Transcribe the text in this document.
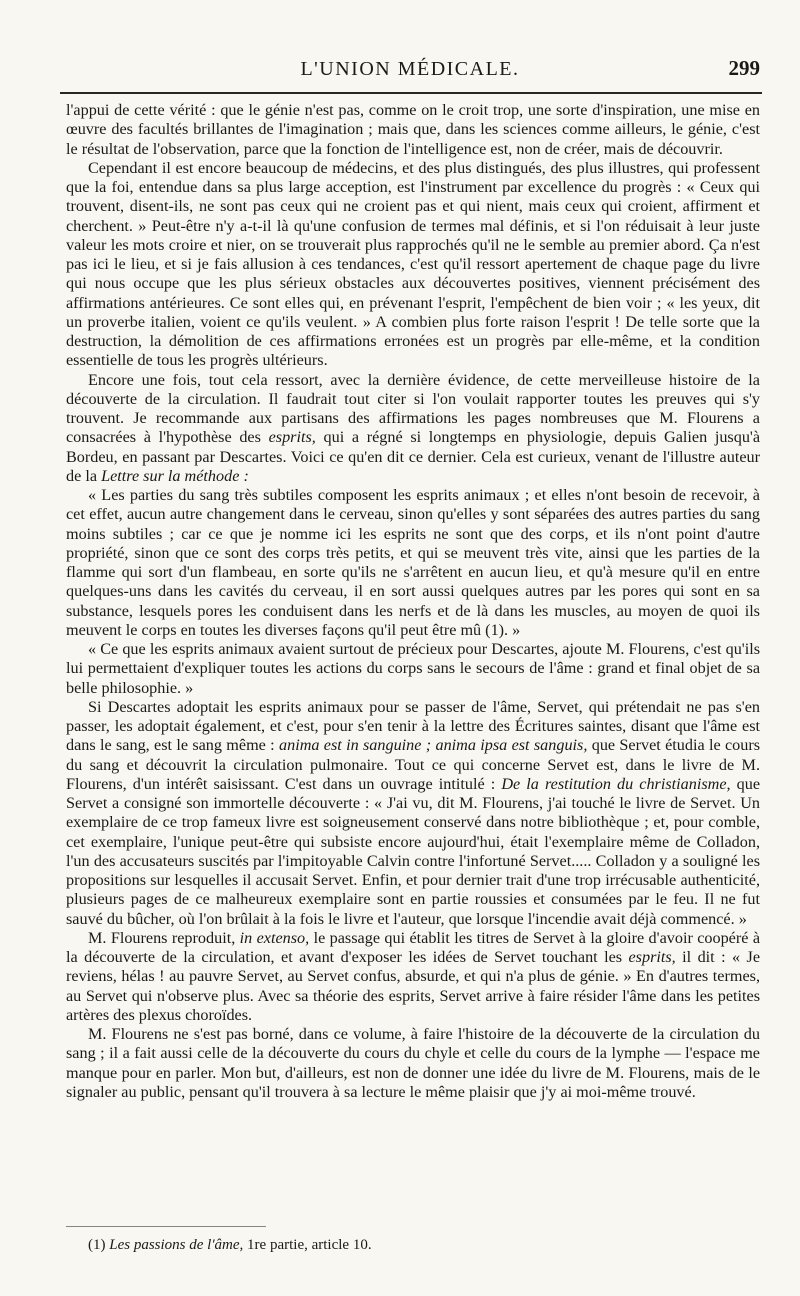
L'UNION MÉDICALE.	299

l'appui de cette vérité : que le génie n'est pas, comme on le croit trop, une sorte d'inspiration, une mise en œuvre des facultés brillantes de l'imagination ; mais que, dans les sciences comme ailleurs, le génie, c'est le résultat de l'observation, parce que la fonction de l'intelligence est, non de créer, mais de découvrir.

Cependant il est encore beaucoup de médecins, et des plus distingués, des plus illustres, qui professent que la foi, entendue dans sa plus large acception, est l'instrument par excellence du progrès : « Ceux qui trouvent, disent-ils, ne sont pas ceux qui ne croient pas et qui nient, mais ceux qui croient, affirment et cherchent. » Peut-être n'y a-t-il là qu'une confusion de termes mal définis, et si l'on réduisait à leur juste valeur les mots croire et nier, on se trouverait plus rapprochés qu'il ne le semble au premier abord. Ça n'est pas ici le lieu, et si je fais allusion à ces tendances, c'est qu'il ressort apertement de chaque page du livre qui nous occupe que les plus sérieux obstacles aux découvertes positives, viennent précisément des affirmations antérieures. Ce sont elles qui, en prévenant l'esprit, l'empêchent de bien voir ; « les yeux, dit un proverbe italien, voient ce qu'ils veulent. » A combien plus forte raison l'esprit ! De telle sorte que la destruction, la démolition de ces affirmations erronées est un progrès par elle-même, et la condition essentielle de tous les progrès ultérieurs.

Encore une fois, tout cela ressort, avec la dernière évidence, de cette merveilleuse histoire de la découverte de la circulation. Il faudrait tout citer si l'on voulait rapporter toutes les preuves qui s'y trouvent. Je recommande aux partisans des affirmations les pages nombreuses que M. Flourens a consacrées à l'hypothèse des esprits, qui a régné si longtemps en physiologie, depuis Galien jusqu'à Bordeu, en passant par Descartes. Voici ce qu'en dit ce dernier. Cela est curieux, venant de l'illustre auteur de la Lettre sur la méthode :

« Les parties du sang très subtiles composent les esprits animaux ; et elles n'ont besoin de recevoir, à cet effet, aucun autre changement dans le cerveau, sinon qu'elles y sont séparées des autres parties du sang moins subtiles ; car ce que je nomme ici les esprits ne sont que des corps, et ils n'ont point d'autre propriété, sinon que ce sont des corps très petits, et qui se meuvent très vite, ainsi que les parties de la flamme qui sort d'un flambeau, en sorte qu'ils ne s'arrêtent en aucun lieu, et qu'à mesure qu'il en entre quelques-uns dans les cavités du cerveau, il en sort aussi quelques autres par les pores qui sont en sa substance, lesquels pores les conduisent dans les nerfs et de là dans les muscles, au moyen de quoi ils meuvent le corps en toutes les diverses façons qu'il peut être mû (1). »

« Ce que les esprits animaux avaient surtout de précieux pour Descartes, ajoute M. Flourens, c'est qu'ils lui permettaient d'expliquer toutes les actions du corps sans le secours de l'âme : grand et final objet de sa belle philosophie. »

Si Descartes adoptait les esprits animaux pour se passer de l'âme, Servet, qui prétendait ne pas s'en passer, les adoptait également, et c'est, pour s'en tenir à la lettre des Écritures saintes, disant que l'âme est dans le sang, est le sang même : anima est in sanguine ; anima ipsa est sanguis, que Servet étudia le cours du sang et découvrit la circulation pulmonaire. Tout ce qui concerne Servet est, dans le livre de M. Flourens, d'un intérêt saisissant. C'est dans un ouvrage intitulé : De la restitution du christianisme, que Servet a consigné son immortelle découverte : « J'ai vu, dit M. Flourens, j'ai touché le livre de Servet. Un exemplaire de ce trop fameux livre est soigneusement conservé dans notre bibliothèque ; et, pour comble, cet exemplaire, l'unique peut-être qui subsiste encore aujourd'hui, était l'exemplaire même de Colladon, l'un des accusateurs suscités par l'impitoyable Calvin contre l'infortuné Servet..... Colladon y a souligné les propositions sur lesquelles il accusait Servet. Enfin, et pour dernier trait d'une trop irrécusable authenticité, plusieurs pages de ce malheureux exemplaire sont en partie roussies et consumées par le feu. Il ne fut sauvé du bûcher, où l'on brûlait à la fois le livre et l'auteur, que lorsque l'incendie avait déjà commencé. »

M. Flourens reproduit, in extenso, le passage qui établit les titres de Servet à la gloire d'avoir coopéré à la découverte de la circulation, et avant d'exposer les idées de Servet touchant les esprits, il dit : « Je reviens, hélas ! au pauvre Servet, au Servet confus, absurde, et qui n'a plus de génie. » En d'autres termes, au Servet qui n'observe plus. Avec sa théorie des esprits, Servet arrive à faire résider l'âme dans les petites artères des plexus choroïdes.

M. Flourens ne s'est pas borné, dans ce volume, à faire l'histoire de la découverte de la circulation du sang ; il a fait aussi celle de la découverte du cours du chyle et celle du cours de la lymphe — l'espace me manque pour en parler. Mon but, d'ailleurs, est non de donner une idée du livre de M. Flourens, mais de le signaler au public, pensant qu'il trouvera à sa lecture le même plaisir que j'y ai moi-même trouvé.

(1) Les passions de l'âme, 1re partie, article 10.
